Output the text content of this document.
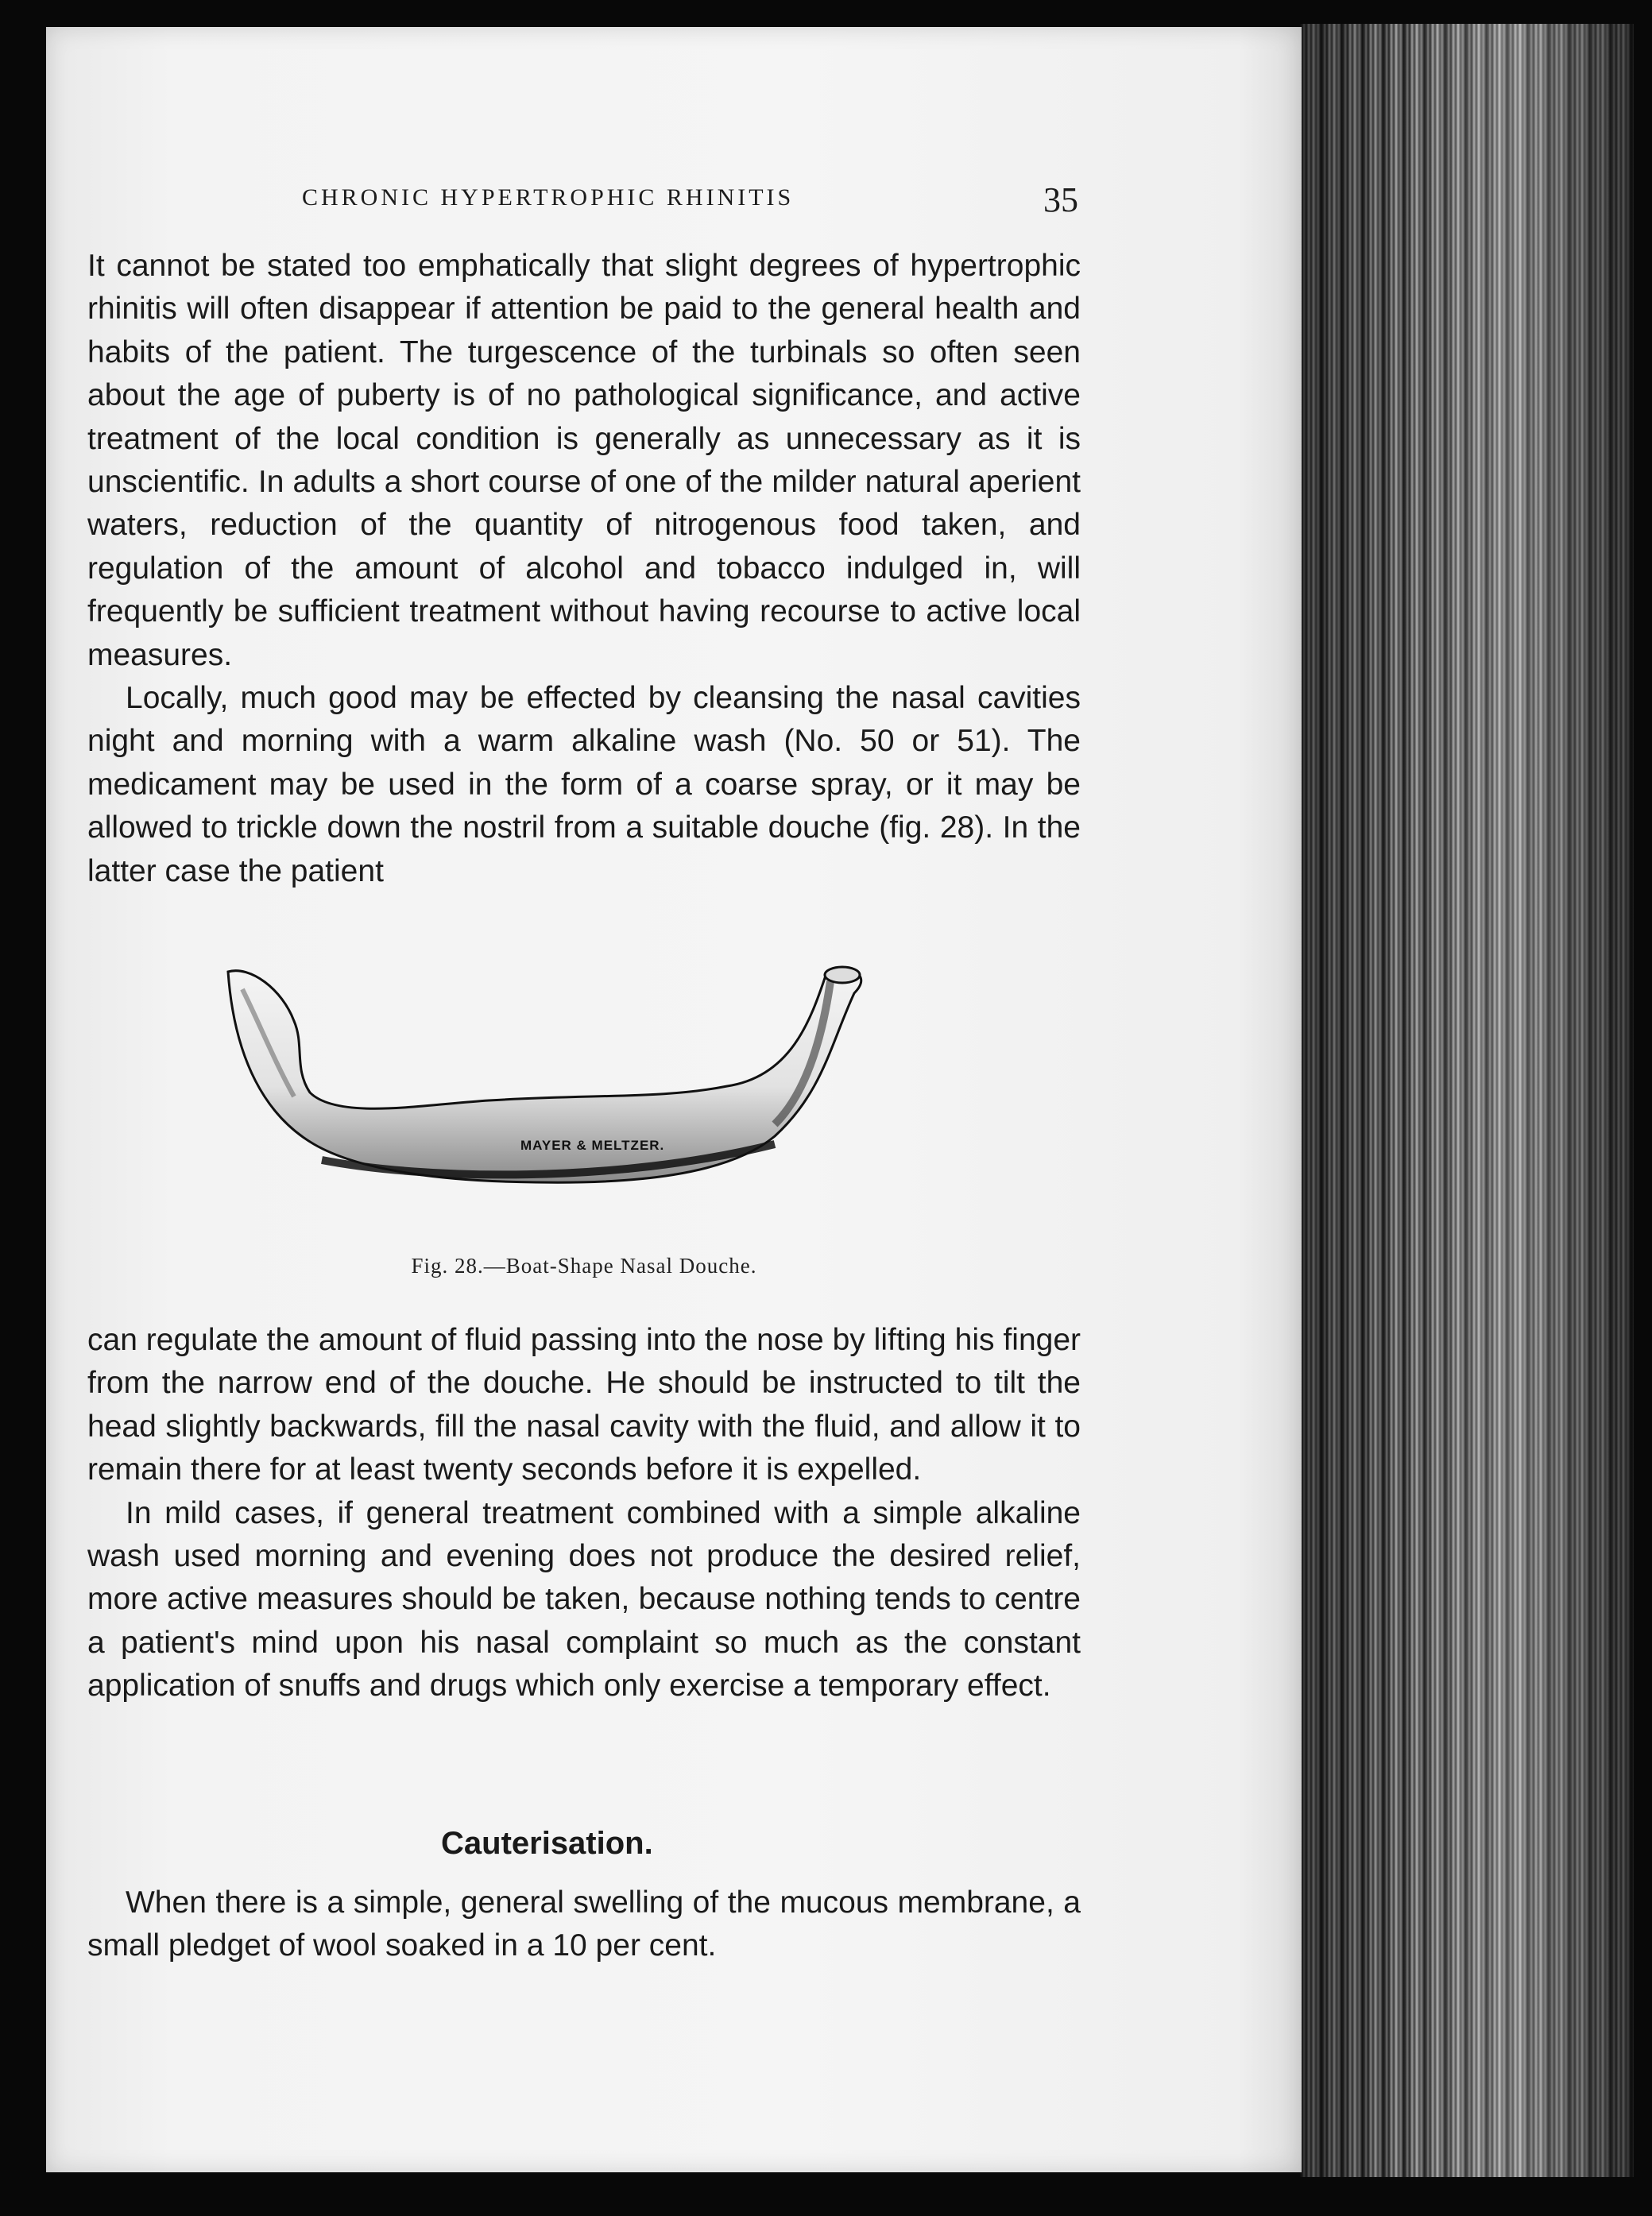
CHRONIC HYPERTROPHIC RHINITIS	35

It cannot be stated too emphatically that slight degrees of hypertrophic rhinitis will often disappear if attention be paid to the general health and habits of the patient. The turgescence of the turbinals so often seen about the age of puberty is of no pathological significance, and active treatment of the local condition is generally as unnecessary as it is unscientific. In adults a short course of one of the milder natural aperient waters, reduction of the quantity of nitrogenous food taken, and regulation of the amount of alcohol and tobacco indulged in, will frequently be sufficient treatment without having recourse to active local measures.

Locally, much good may be effected by cleansing the nasal cavities night and morning with a warm alkaline wash (No. 50 or 51). The medicament may be used in the form of a coarse spray, or it may be allowed to trickle down the nostril from a suitable douche (fig. 28). In the latter case the patient

MAYER & MELTZER.
Fig. 28.—Boat-Shape Nasal Douche.

can regulate the amount of fluid passing into the nose by lifting his finger from the narrow end of the douche. He should be instructed to tilt the head slightly backwards, fill the nasal cavity with the fluid, and allow it to remain there for at least twenty seconds before it is expelled.

In mild cases, if general treatment combined with a simple alkaline wash used morning and evening does not produce the desired relief, more active measures should be taken, because nothing tends to centre a patient's mind upon his nasal complaint so much as the constant application of snuffs and drugs which only exercise a temporary effect.

Cauterisation.

When there is a simple, general swelling of the mucous membrane, a small pledget of wool soaked in a 10 per cent.
